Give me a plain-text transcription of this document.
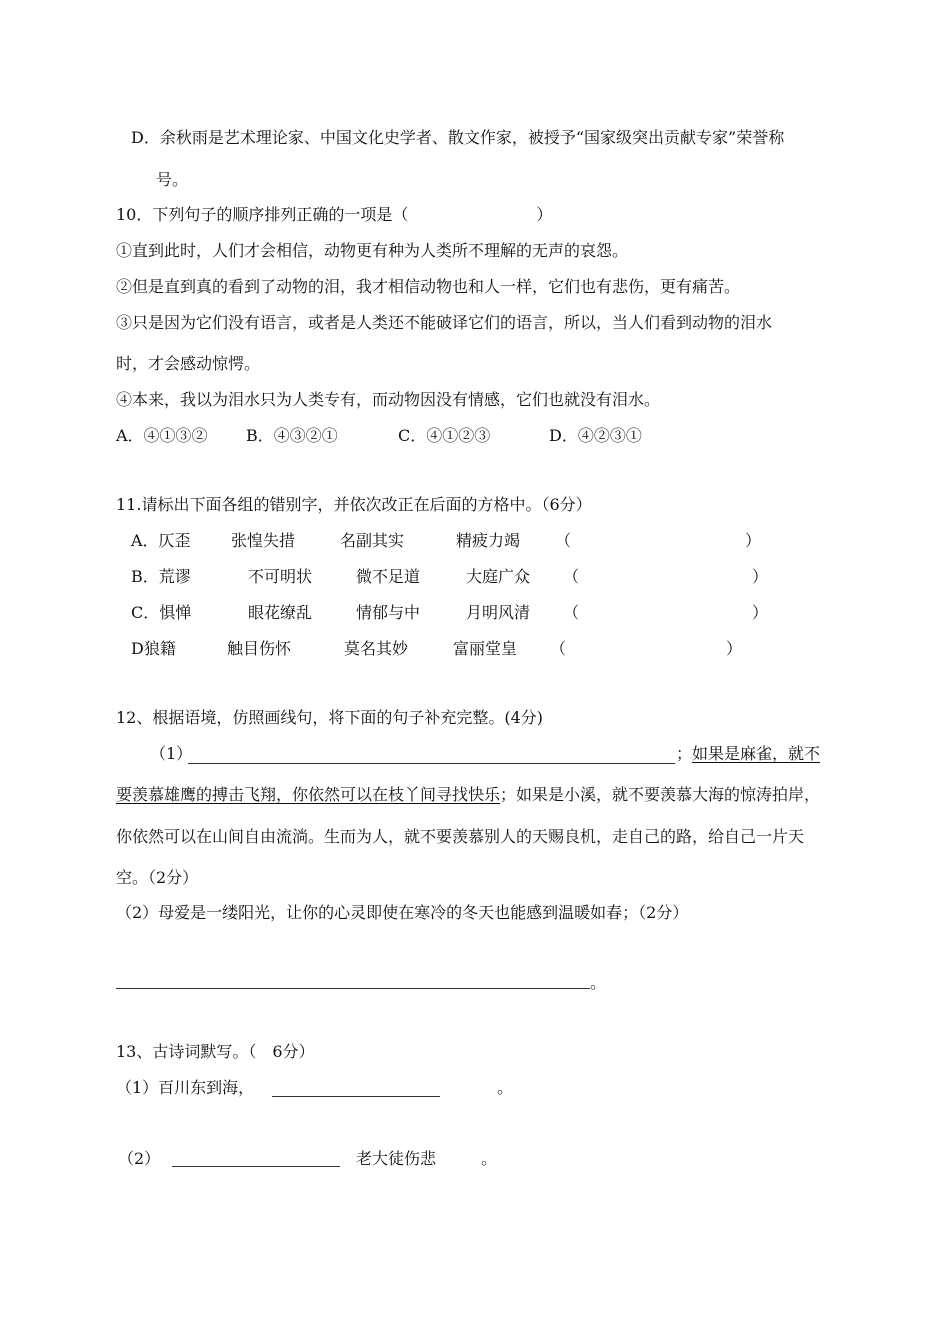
D．余秋雨是艺术理论家、中国文化史学者、散文作家，被授予“国家级突出贡献专家”荣誉称
号。
10．下列句子的顺序排列正确的一项是（　　　　　　　　）
①直到此时，人们才会相信，动物更有种为人类所不理解的无声的哀怨。
②但是直到真的看到了动物的泪，我才相信动物也和人一样，它们也有悲伤，更有痛苦。
③只是因为它们没有语言，或者是人类还不能破译它们的语言，所以，当人们看到动物的泪水
时，才会感动惊愕。
④本来，我以为泪水只为人类专有，而动物因没有情感，它们也就没有泪水。
A．④①③② B．④③②①	C．④①②③	D．④②③①
11.请标出下面各组的错别字，并依次改正在后面的方格中。（6分）
A．仄歪	张惶失措	名副其实	精疲力竭 （	）
B．荒谬	不可明状	微不足道	大庭广众 （	）
C．惧惮	眼花缭乱	情郁与中	月明风清 （	）
D狼籍	触目伤怀	莫名其妙	富丽堂皇 （	）
12、根据语境，仿照画线句，将下面的句子补充完整。(4分)
（1）	； 如果是麻雀，就不
要羡慕雄鹰的搏击飞翔，你依然可以在枝丫间寻找快乐；如果是小溪，就不要羡慕大海的惊涛拍岸，
你依然可以在山间自由流淌。生而为人，就不要羡慕别人的天赐良机，走自己的路，给自己一片天
空。（2分）
（2）母爱是一缕阳光，让你的心灵即使在寒冷的冬天也能感到温暖如春；（2分）
。
13、古诗词默写。（　6分）
（1）百川东到海，	。
（2）	老大徒伤悲	。
